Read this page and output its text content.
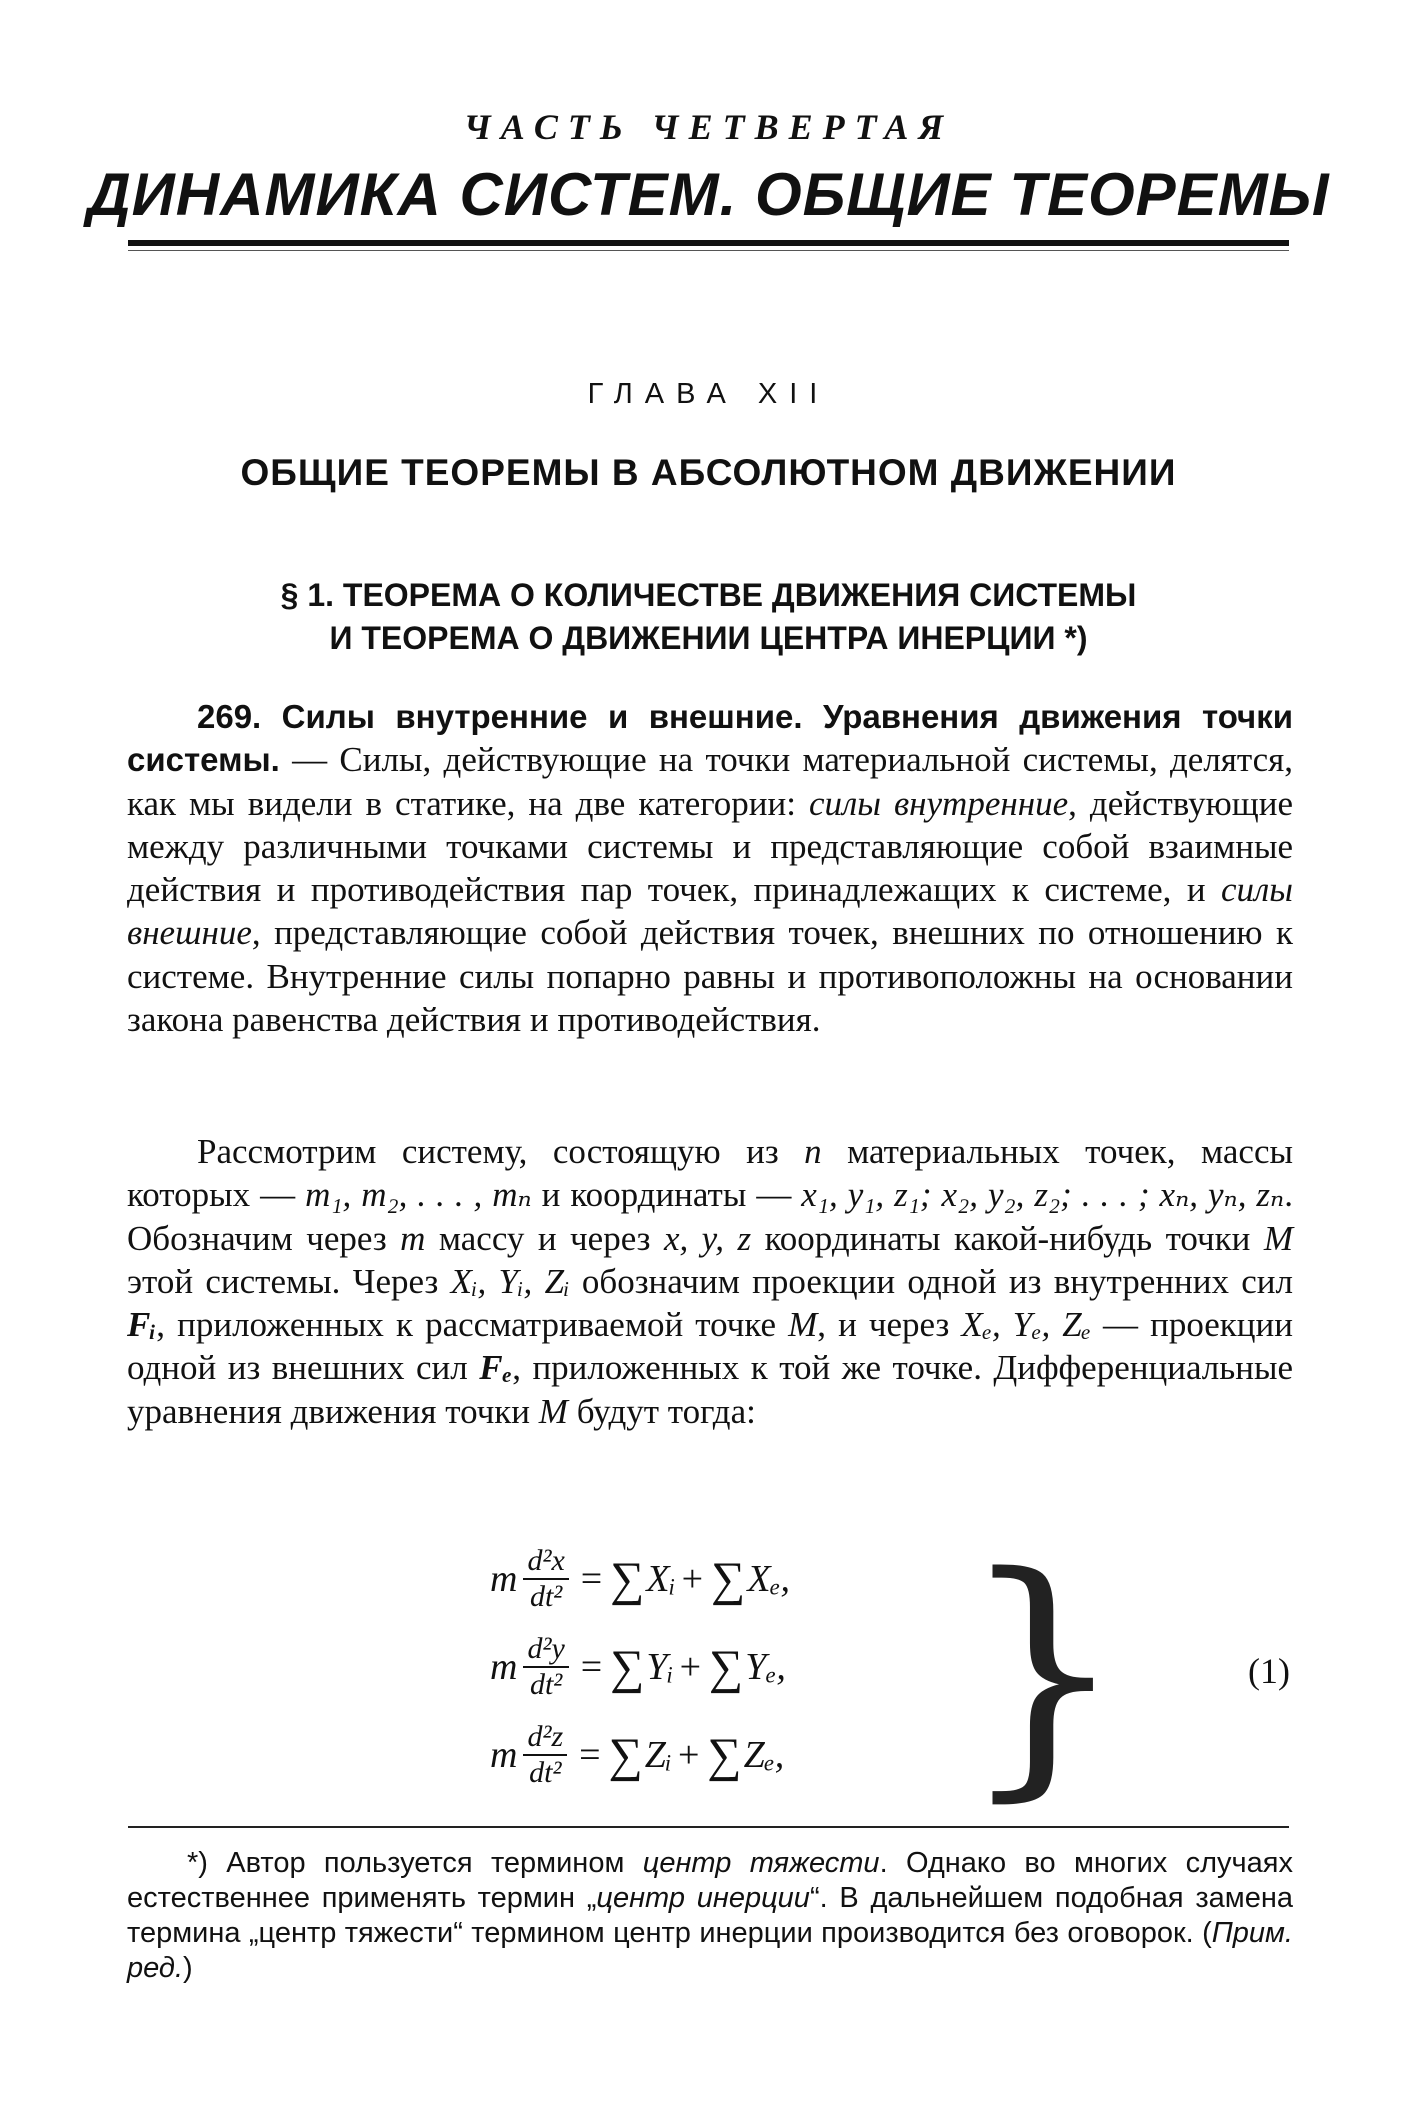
ЧАСТЬ ЧЕТВЕРТАЯ
ДИНАМИКА СИСТЕМ. ОБЩИЕ ТЕОРЕМЫ
ГЛАВА XII
ОБЩИЕ ТЕОРЕМЫ В АБСОЛЮТНОМ ДВИЖЕНИИ
§ 1. ТЕОРЕМА О КОЛИЧЕСТВЕ ДВИЖЕНИЯ СИСТЕМЫ
И ТЕОРЕМА О ДВИЖЕНИИ ЦЕНТРА ИНЕРЦИИ *)
269. Силы внутренние и внешние. Уравнения движения точки системы. — Силы, действующие на точки материальной системы, делятся, как мы видели в статике, на две категории: силы внутренние, действующие между различными точками системы и представляющие собой взаимные действия и противодействия пар точек, принадлежащих к системе, и силы внешние, представляющие собой действия точек, внешних по отношению к системе. Внутренние силы попарно равны и противоположны на основании закона равенства действия и противодействия.
Рассмотрим систему, состоящую из n материальных точек, массы которых — m₁, m₂, . . . , mₙ и координаты — x₁, y₁, z₁; x₂, y₂, z₂; . . . ; xₙ, yₙ, zₙ. Обозначим через m массу и через x, y, z координаты какой-нибудь точки M этой системы. Через Xᵢ, Yᵢ, Zᵢ обозначим проекции одной из внутренних сил Fᵢ, приложенных к рассматриваемой точке M, и через Xₑ, Yₑ, Zₑ — проекции одной из внешних сил Fₑ, приложенных к той же точке. Дифференциальные уравнения движения точки M будут тогда:
m $\frac{\text{d²x}}{\text{dt²}}$ = ∑ Xᵢ + ∑ Xₑ ,
m $\frac{\text{d²y}}{\text{dt²}}$ = ∑ Yᵢ + ∑ Yₑ ,
m $\frac{\text{d²z}}{\text{dt²}}$ = ∑ Zᵢ + ∑ Zₑ , }	(1)
*) Автор пользуется термином центр тяжести. Однако во многих случаях естественнее применять термин „центр инерции“. В дальнейшем подобная замена термина „центр тяжести“ термином центр инерции производится без оговорок. (Прим. ред.)
